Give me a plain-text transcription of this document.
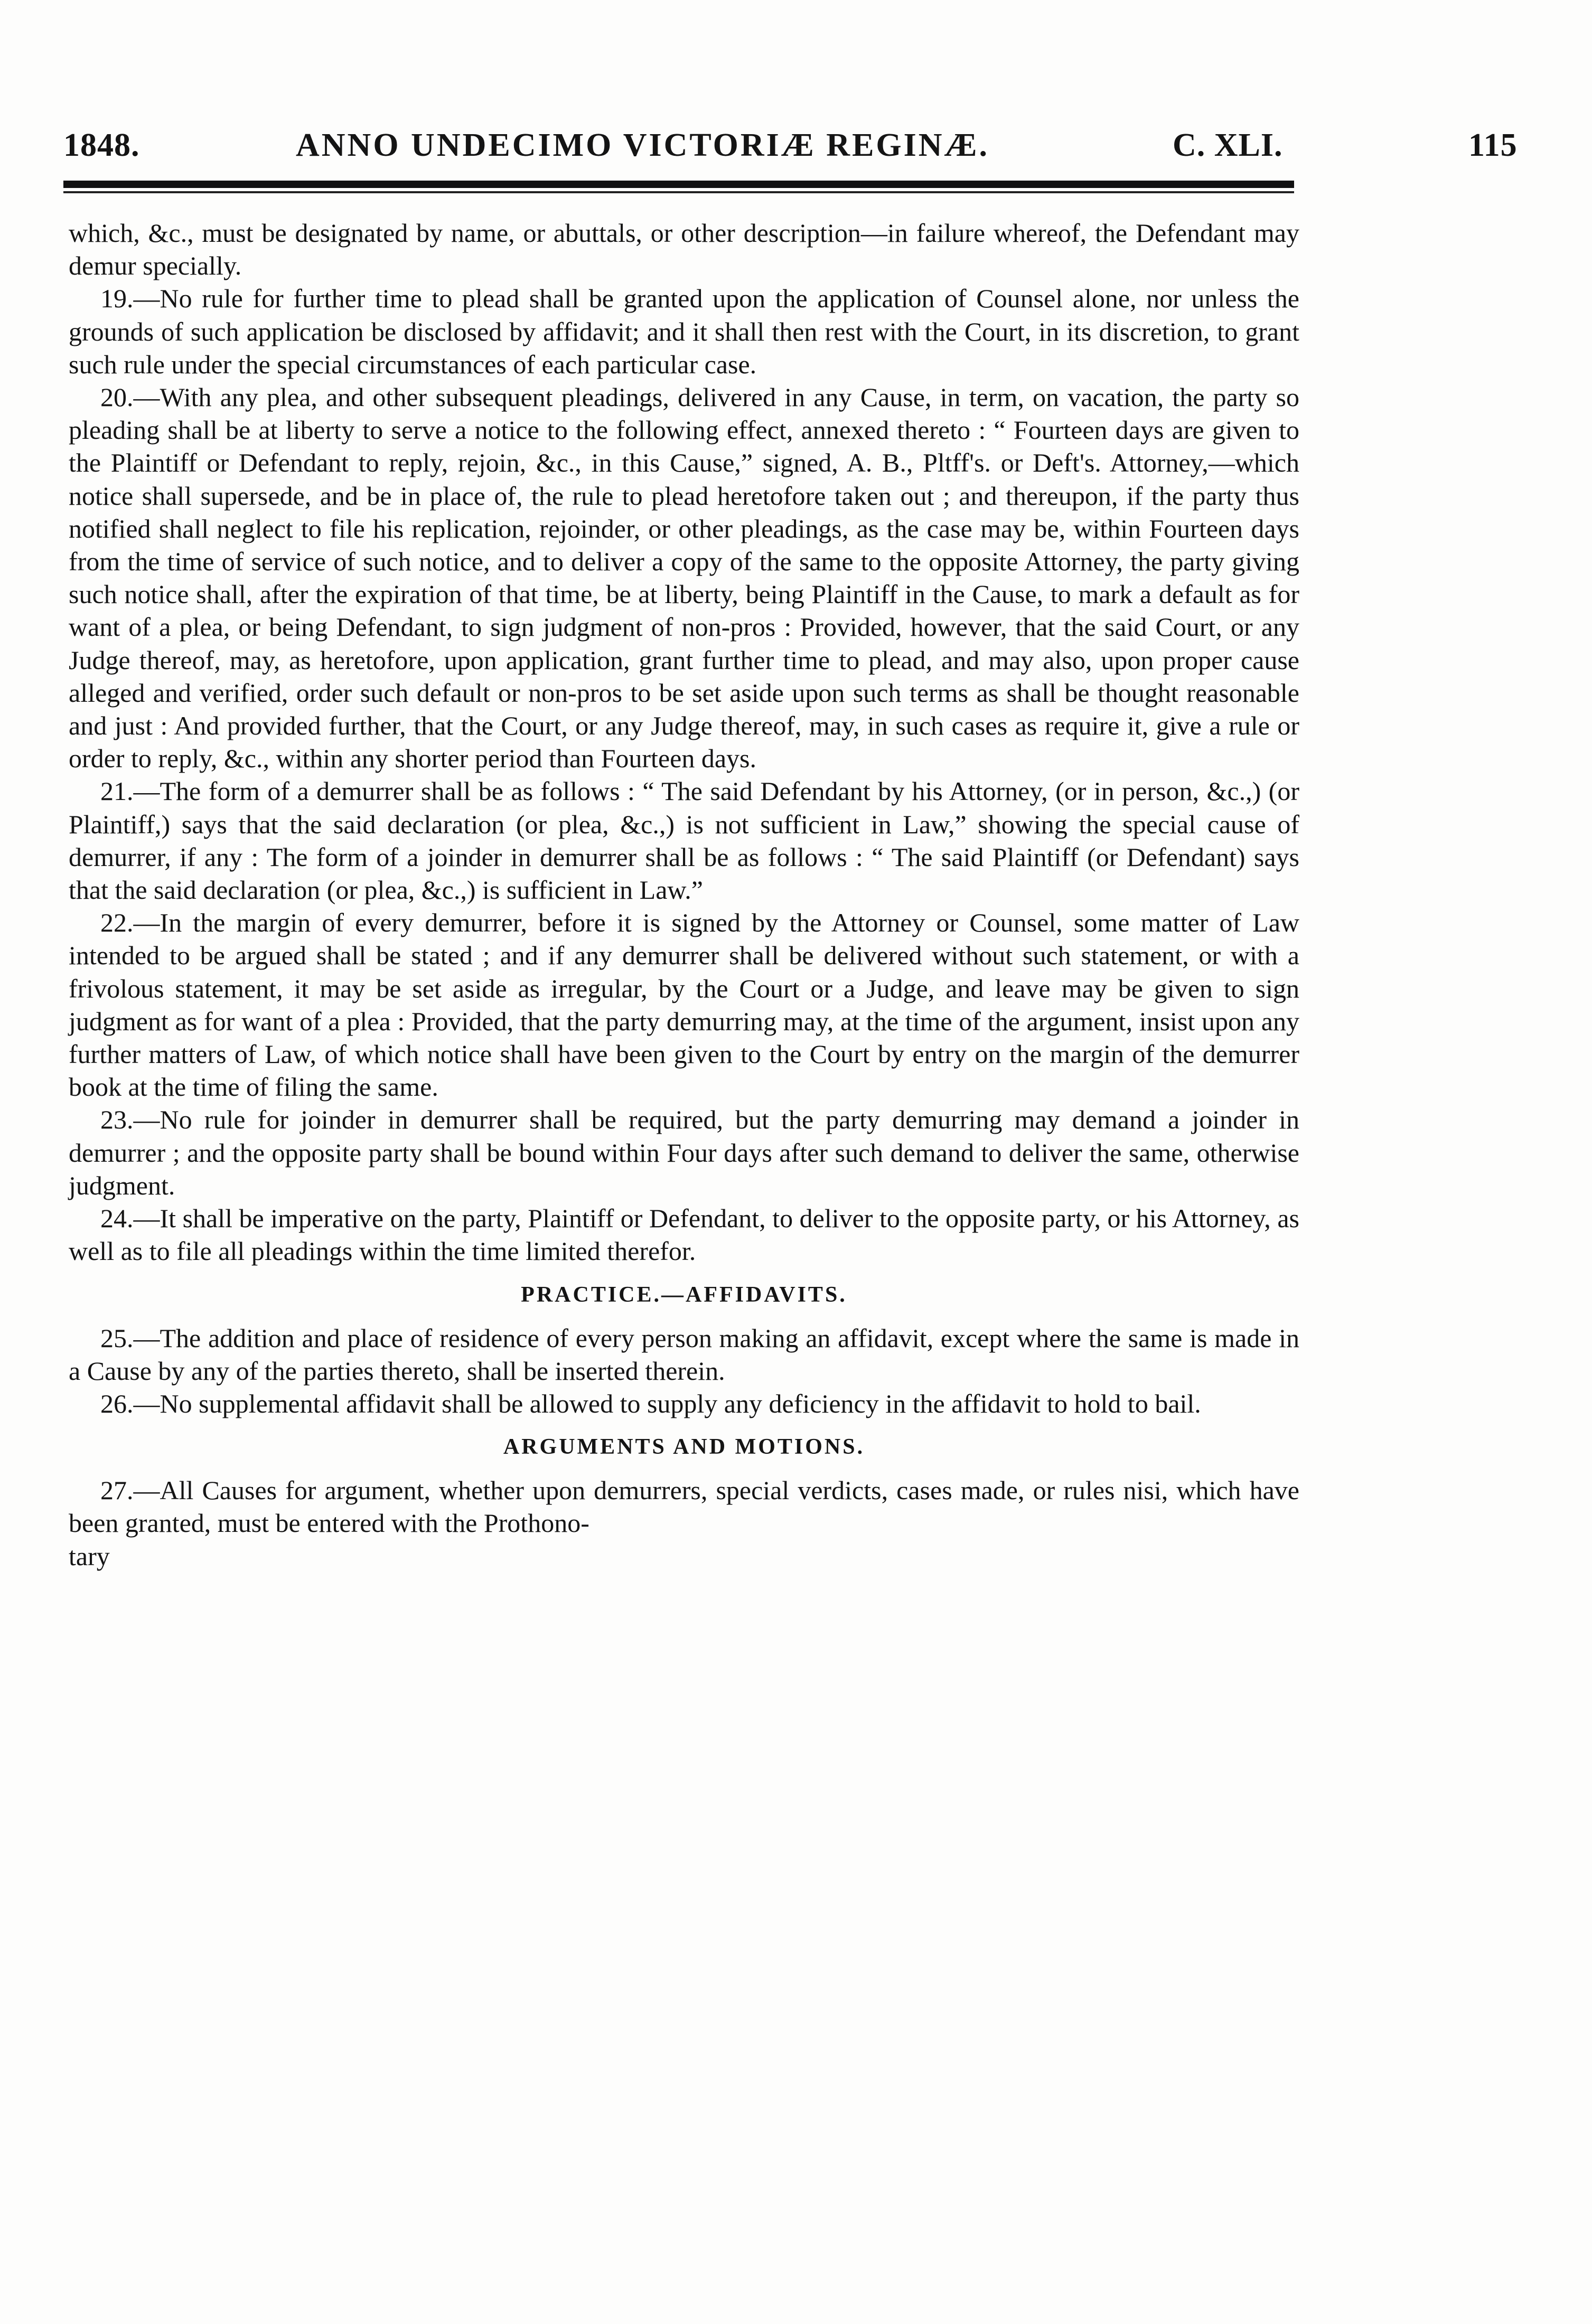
1848.	ANNO UNDECIMO VICTORIÆ REGINÆ.	C. XLI.	115

which, &c., must be designated by name, or abuttals, or other description—in failure whereof, the Defendant may demur specially.

19.—No rule for further time to plead shall be granted upon the application of Counsel alone, nor unless the grounds of such application be disclosed by affidavit; and it shall then rest with the Court, in its discretion, to grant such rule under the special circumstances of each particular case.

20.—With any plea, and other subsequent pleadings, delivered in any Cause, in term, on vacation, the party so pleading shall be at liberty to serve a notice to the following effect, annexed thereto : “ Fourteen days are given to the Plaintiff or Defendant to reply, rejoin, &c., in this Cause,” signed, A. B., Pltff's. or Deft's. Attorney,—which notice shall supersede, and be in place of, the rule to plead heretofore taken out ; and thereupon, if the party thus notified shall neglect to file his replication, rejoinder, or other pleadings, as the case may be, within Fourteen days from the time of service of such notice, and to deliver a copy of the same to the opposite Attorney, the party giving such notice shall, after the expiration of that time, be at liberty, being Plaintiff in the Cause, to mark a default as for want of a plea, or being Defendant, to sign judgment of non-pros : Provided, however, that the said Court, or any Judge thereof, may, as heretofore, upon application, grant further time to plead, and may also, upon proper cause alleged and verified, order such default or non-pros to be set aside upon such terms as shall be thought reasonable and just : And provided further, that the Court, or any Judge thereof, may, in such cases as require it, give a rule or order to reply, &c., within any shorter period than Fourteen days.

21.—The form of a demurrer shall be as follows : “ The said Defendant by his Attorney, (or in person, &c.,) (or Plaintiff,) says that the said declaration (or plea, &c.,) is not sufficient in Law,” showing the special cause of demurrer, if any : The form of a joinder in demurrer shall be as follows : “ The said Plaintiff (or Defendant) says that the said declaration (or plea, &c.,) is sufficient in Law.”

22.—In the margin of every demurrer, before it is signed by the Attorney or Counsel, some matter of Law intended to be argued shall be stated ; and if any demurrer shall be delivered without such statement, or with a frivolous statement, it may be set aside as irregular, by the Court or a Judge, and leave may be given to sign judgment as for want of a plea : Provided, that the party demurring may, at the time of the argument, insist upon any further matters of Law, of which notice shall have been given to the Court by entry on the margin of the demurrer book at the time of filing the same.

23.—No rule for joinder in demurrer shall be required, but the party demurring may demand a joinder in demurrer ; and the opposite party shall be bound within Four days after such demand to deliver the same, otherwise judgment.

24.—It shall be imperative on the party, Plaintiff or Defendant, to deliver to the opposite party, or his Attorney, as well as to file all pleadings within the time limited therefor.

PRACTICE.—AFFIDAVITS.

25.—The addition and place of residence of every person making an affidavit, except where the same is made in a Cause by any of the parties thereto, shall be inserted therein.

26.—No supplemental affidavit shall be allowed to supply any deficiency in the affidavit to hold to bail.

ARGUMENTS AND MOTIONS.

27.—All Causes for argument, whether upon demurrers, special verdicts, cases made, or rules nisi, which have been granted, must be entered with the Prothono-

tary
